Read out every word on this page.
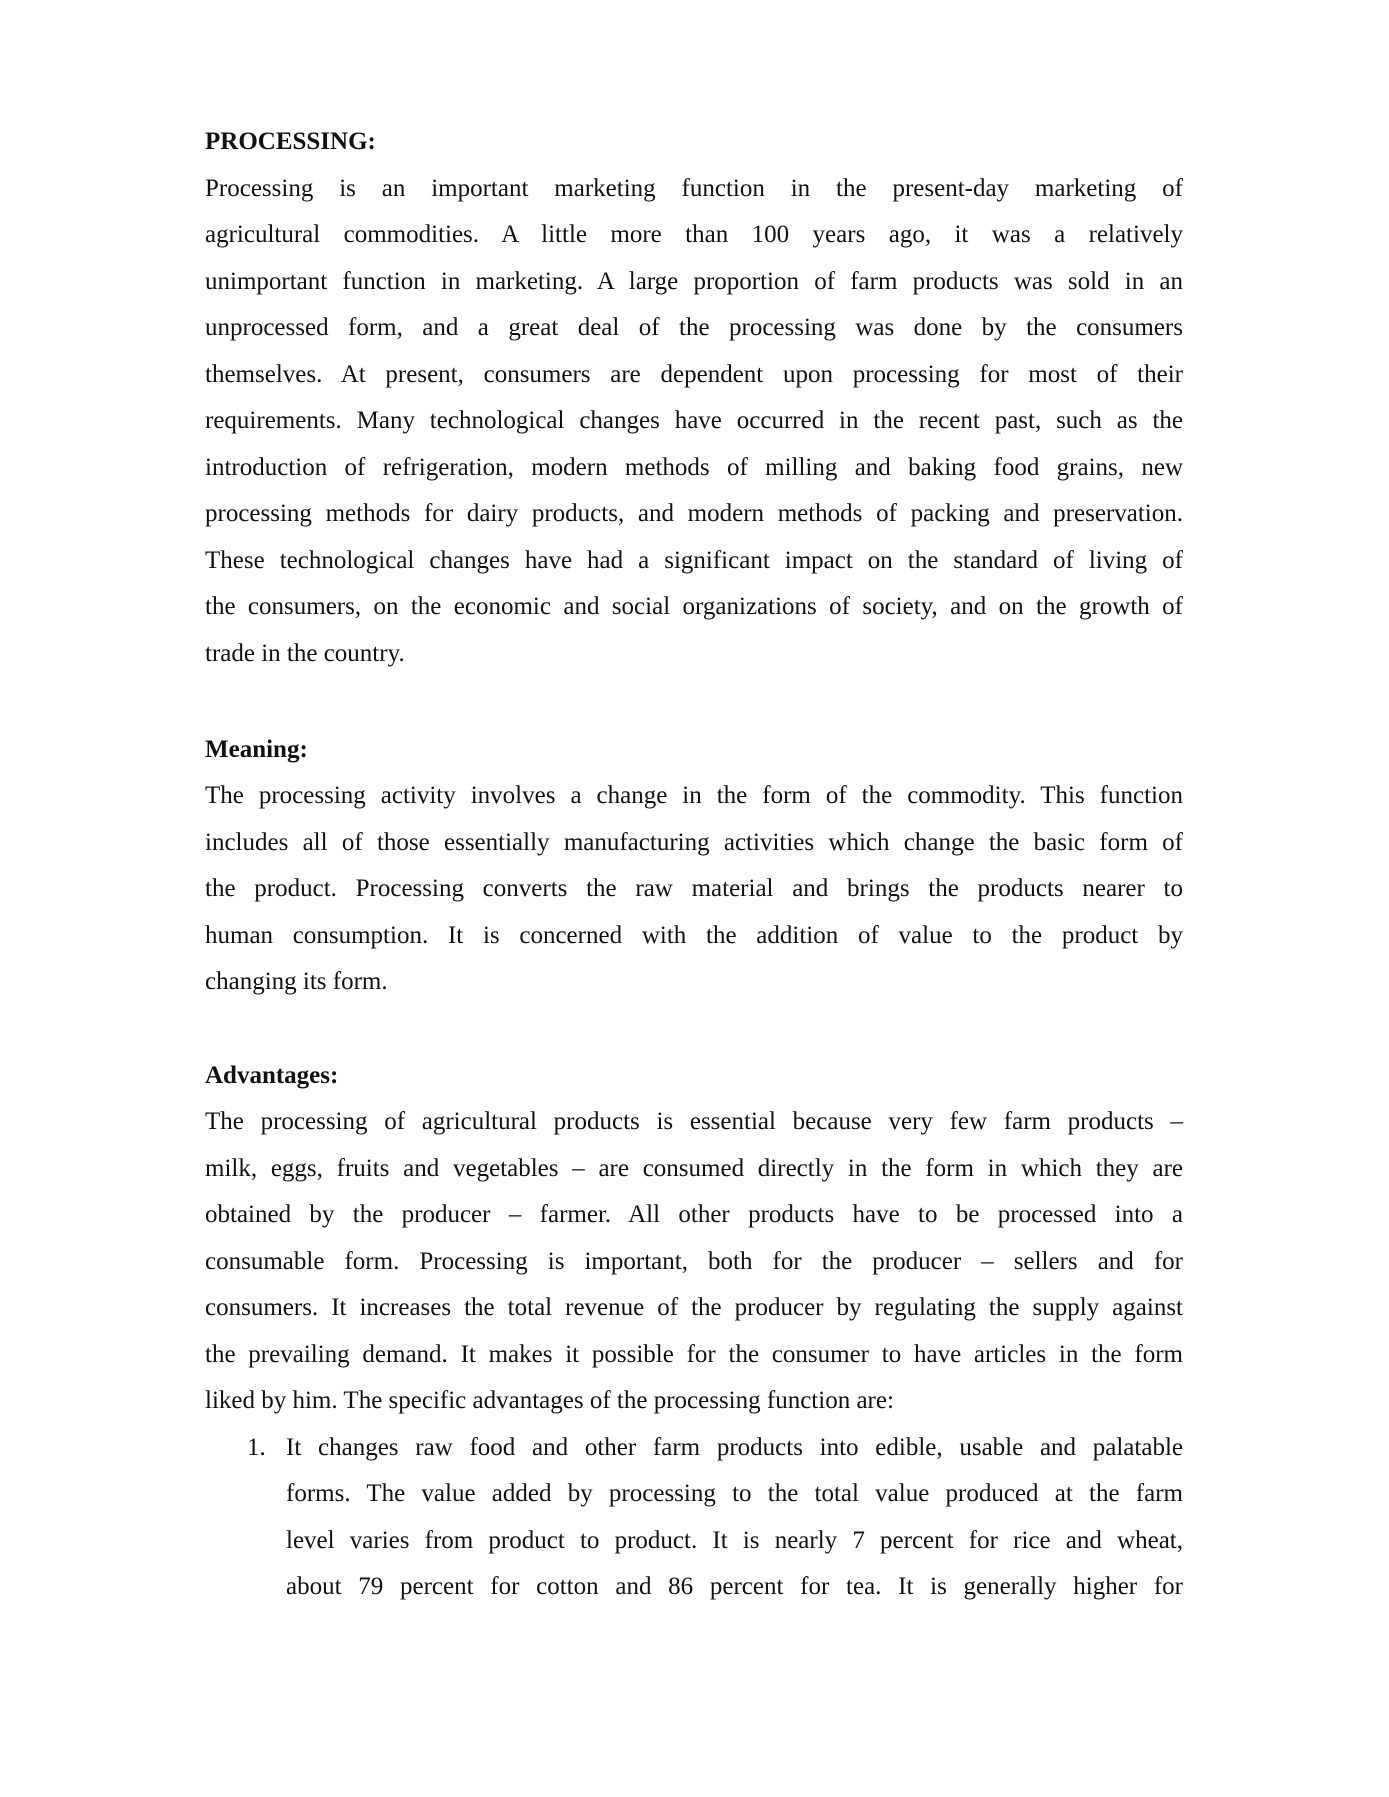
PROCESSING:
Processing is an important marketing function in the present-day marketing of
agricultural commodities. A little more than 100 years ago, it was a relatively
unimportant function in marketing. A large proportion of farm products was sold in an
unprocessed form, and a great deal of the processing was done by the consumers
themselves. At present, consumers are dependent upon processing for most of their
requirements. Many technological changes have occurred in the recent past, such as the
introduction of refrigeration, modern methods of milling and baking food grains, new
processing methods for dairy products, and modern methods of packing and preservation.
These technological changes have had a significant impact on the standard of living of
the consumers, on the economic and social organizations of society, and on the growth of
trade in the country.
Meaning:
The processing activity involves a change in the form of the commodity. This function
includes all of those essentially manufacturing activities which change the basic form of
the product. Processing converts the raw material and brings the products nearer to
human consumption. It is concerned with the addition of value to the product by
changing its form.
Advantages:
The processing of agricultural products is essential because very few farm products –
milk, eggs, fruits and vegetables – are consumed directly in the form in which they are
obtained by the producer – farmer. All other products have to be processed into a
consumable form. Processing is important, both for the producer – sellers and for
consumers. It increases the total revenue of the producer by regulating the supply against
the prevailing demand. It makes it possible for the consumer to have articles in the form
liked by him. The specific advantages of the processing function are:
1. It changes raw food and other farm products into edible, usable and palatable
forms. The value added by processing to the total value produced at the farm
level varies from product to product. It is nearly 7 percent for rice and wheat,
about 79 percent for cotton and 86 percent for tea. It is generally higher for
